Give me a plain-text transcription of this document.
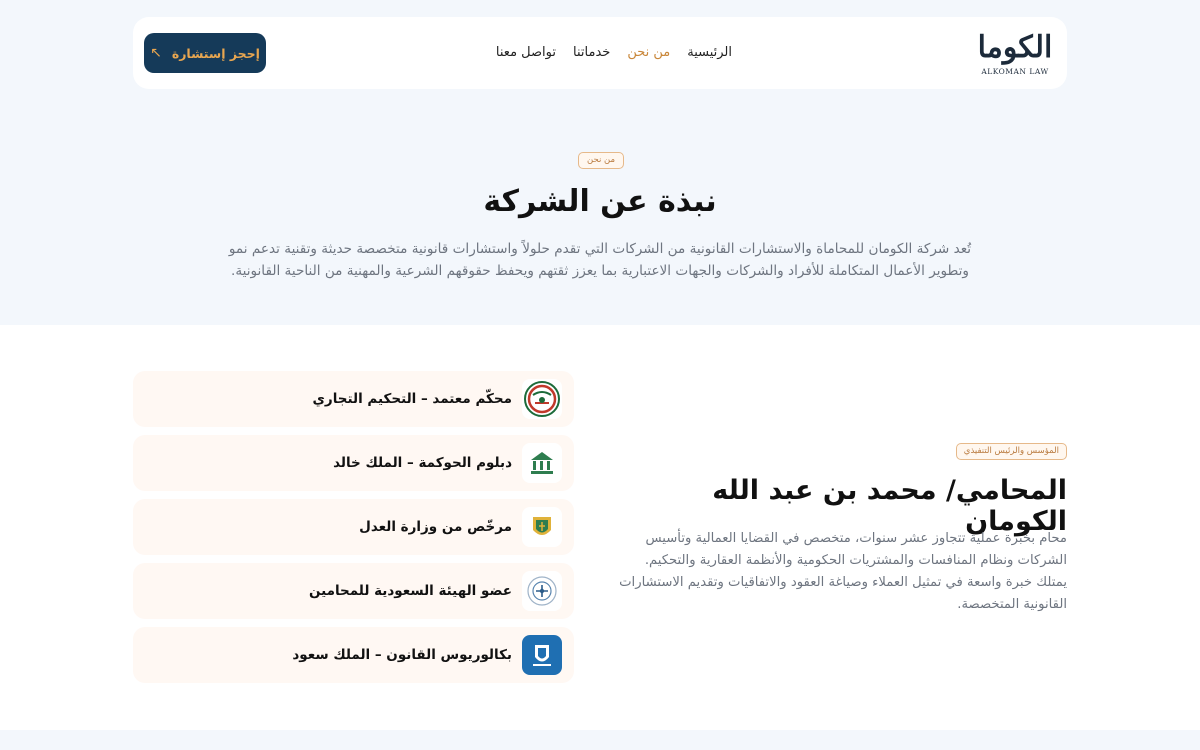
الكوما
ALKOMAN LAW
الرئيسية
من نحن
خدماتنا
تواصل معنا
إحجز إستشارة
↖
من نحن
نبذة عن الشركة

تُعد شركة الكومان للمحاماة والاستشارات القانونية من الشركات التي تقدم حلولاً واستشارات قانونية متخصصة حديثة وتقنية تدعم نمو وتطوير الأعمال المتكاملة للأفراد والشركات والجهات الاعتبارية بما يعزز ثقتهم ويحفظ حقوقهم الشرعية والمهنية من الناحية القانونية.

المؤسس والرئيس التنفيذي
المحامي/ محمد بن عبد الله الكومان

محام بخبرة عملية تتجاوز عشر سنوات، متخصص في القضايا العمالية وتأسيس الشركات ونظام المنافسات والمشتريات الحكومية والأنظمة العقارية والتحكيم.

يمتلك خبرة واسعة في تمثيل العملاء وصياغة العقود والاتفاقيات وتقديم الاستشارات القانونية المتخصصة.

محكّم معتمد – التحكيم التجاري
دبلوم الحوكمة – الملك خالد
مرخّص من وزارة العدل
عضو الهيئة السعودية للمحامين
بكالوريوس القانون – الملك سعود
